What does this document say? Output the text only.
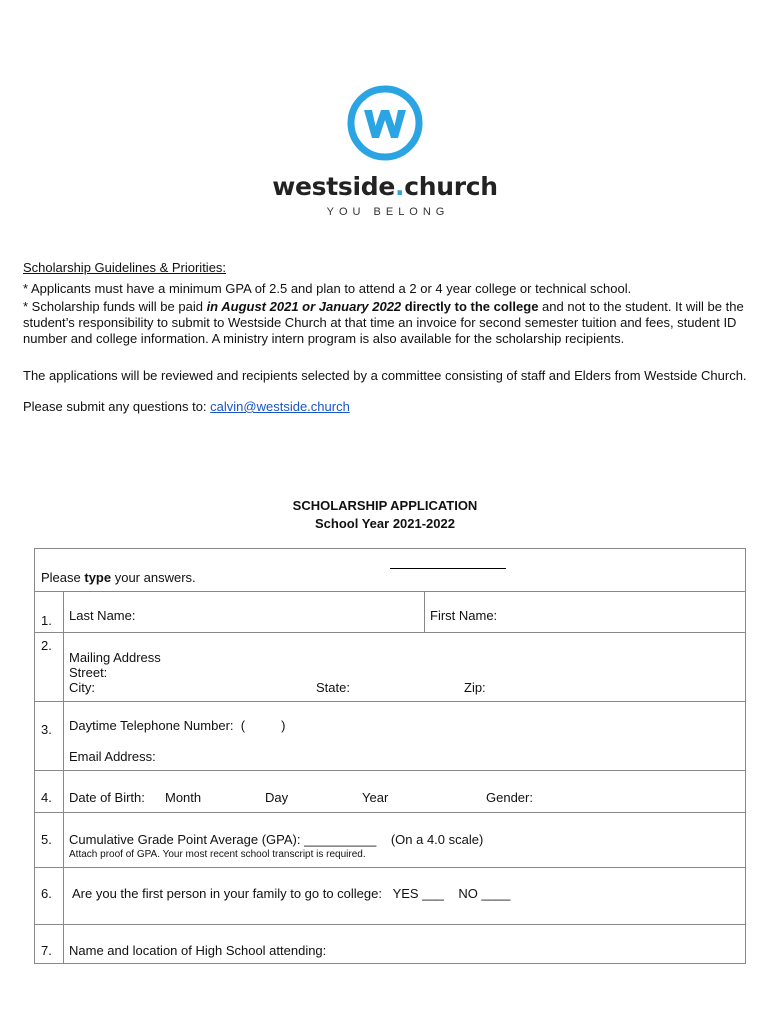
westside.church
YOU BELONG

Scholarship Guidelines & Priorities:

* Applicants must have a minimum GPA of 2.5 and plan to attend a 2 or 4 year college or technical school.

* Scholarship funds will be paid in August 2021 or January 2022 directly to the college and not to the student. It will be the student’s responsibility to submit to Westside Church at that time an invoice for second semester tuition and fees, student ID number and college information. A ministry intern program is also available for the scholarship recipients.

The applications will be reviewed and recipients selected by a committee consisting of staff and Elders from Westside Church.

Please submit any questions to: calvin@westside.church

SCHOLARSHIP APPLICATION
School Year 2021-2022
Please type your answers.
1. Last Name:	First Name:
2.
Mailing Address
Street:
City:	State:	Zip:
3. Daytime Telephone Number:  (          )
Email Address:
4. Date of Birth: Month	Day	Year	Gender:
5. Cumulative Grade Point Average (GPA): __________    (On a 4.0 scale)
Attach proof of GPA. Your most recent school transcript is required.
6. Are you the first person in your family to go to college:   YES ___    NO ____
7. Name and location of High School attending:
